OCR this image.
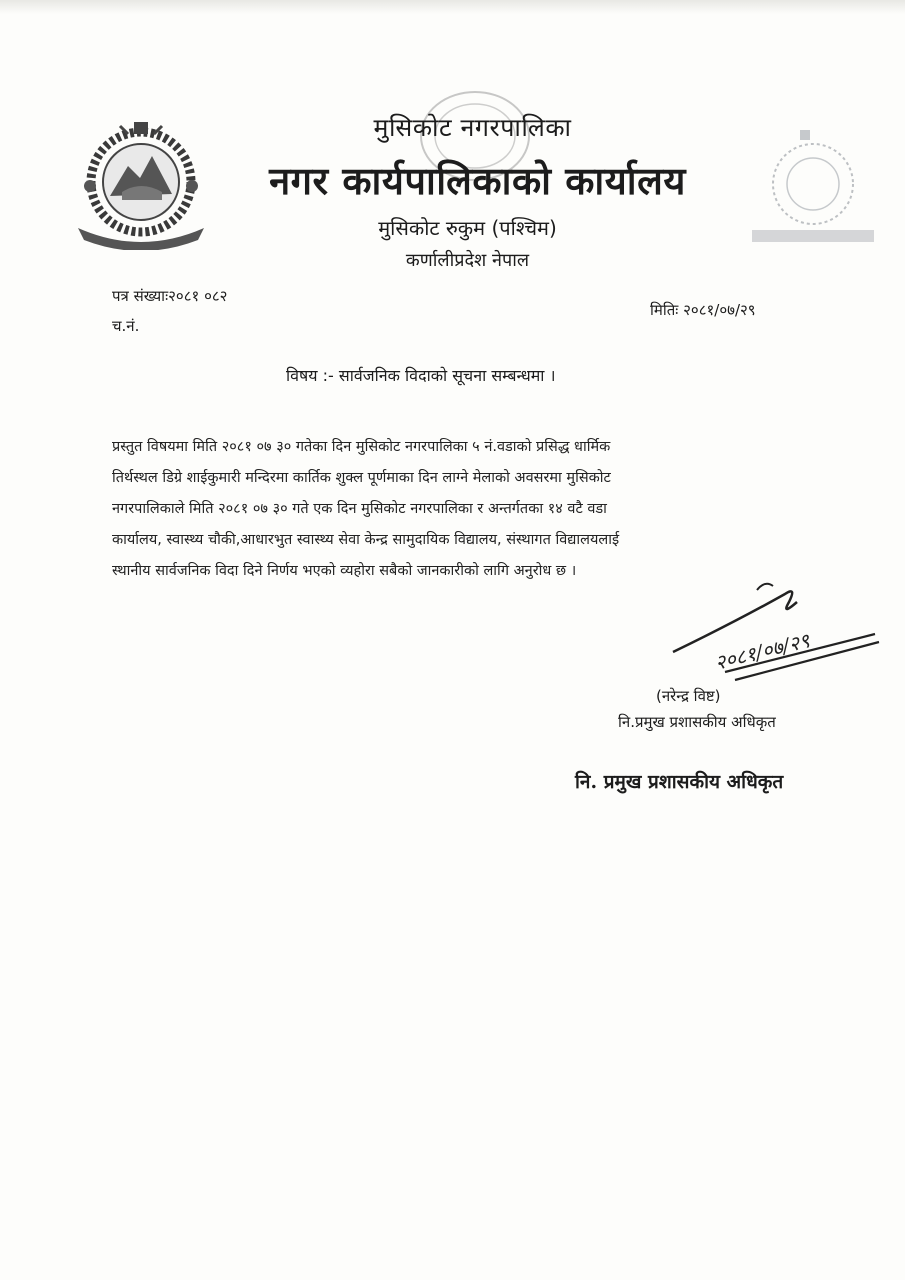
मुसिकोट नगरपालिका
नगर कार्यपालिकाको कार्यालय
मुसिकोट रुकुम (पश्चिम)
कर्णालीप्रदेश नेपाल
पत्र संख्याः२०८१ ०८२
च.नं.
मितिः २०८१/०७/२९
विषय :- सार्वजनिक विदाको सूचना सम्बन्धमा ।
प्रस्तुत विषयमा मिति २०८१ ०७ ३० गतेका दिन मुसिकोट नगरपालिका ५ नं.वडाको प्रसिद्ध धार्मिक
तिर्थस्थल डिग्रे शाईकुमारी मन्दिरमा कार्तिक शुक्ल पूर्णमाका दिन लाग्ने मेलाको अवसरमा मुसिकोट
नगरपालिकाले मिति २०८१ ०७ ३० गते एक दिन मुसिकोट नगरपालिका र अन्तर्गतका १४ वटै वडा
कार्यालय, स्वास्थ्य चौकी,आधारभुत स्वास्थ्य सेवा केन्द्र सामुदायिक विद्यालय, संस्थागत विद्यालयलाई
स्थानीय सार्वजनिक विदा दिने निर्णय भएको व्यहोरा सबैको जानकारीको लागि अनुरोध छ ।
२०८१/०७/२९
(नरेन्द्र विष्ट)
नि.प्रमुख प्रशासकीय अधिकृत
नि. प्रमुख प्रशासकीय अधिकृत
